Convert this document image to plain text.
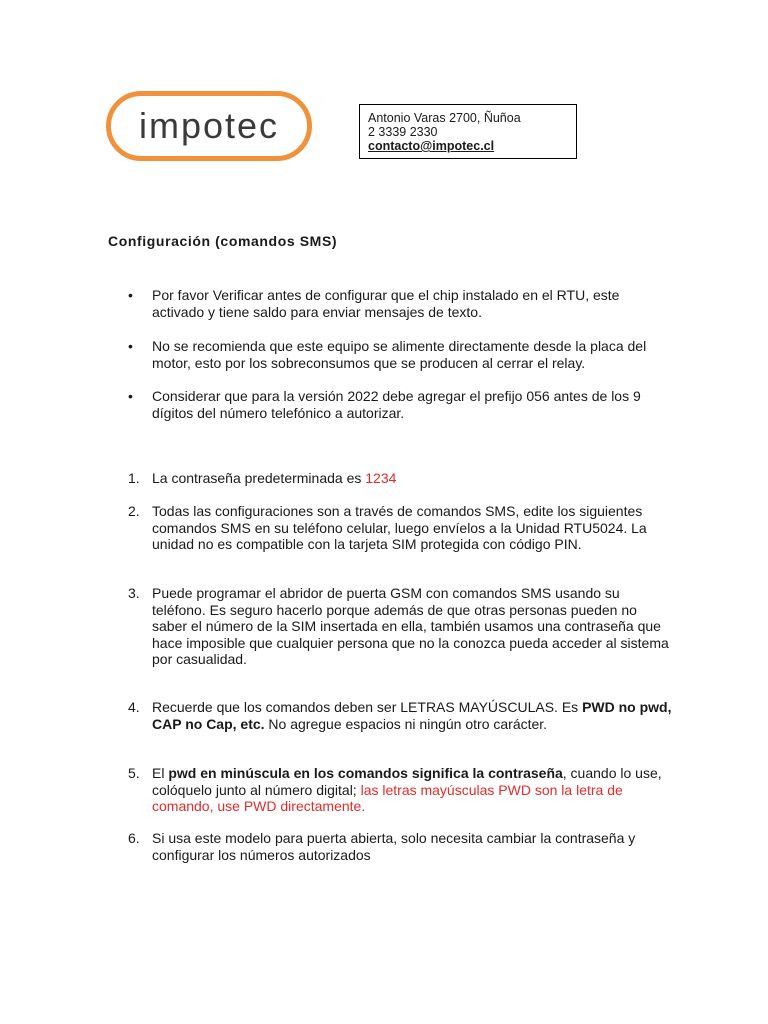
impotec	Antonio Varas 2700, Ñuñoa
2 3339 2330
contacto@impotec.cl
Configuración (comandos SMS)
• Por favor Verificar antes de configurar que el chip instalado en el RTU, este activado y tiene saldo para enviar mensajes de texto.
• No se recomienda que este equipo se alimente directamente desde la placa del motor, esto por los sobreconsumos que se producen al cerrar el relay.
• Considerar que para la versión 2022 debe agregar el prefijo 056 antes de los 9 dígitos del número telefónico a autorizar.
1. La contraseña predeterminada es 1234
2. Todas las configuraciones son a través de comandos SMS, edite los siguientes comandos SMS en su teléfono celular, luego envíelos a la Unidad RTU5024. La unidad no es compatible con la tarjeta SIM protegida con código PIN.
3. Puede programar el abridor de puerta GSM con comandos SMS usando su teléfono. Es seguro hacerlo porque además de que otras personas pueden no saber el número de la SIM insertada en ella, también usamos una contraseña que hace imposible que cualquier persona que no la conozca pueda acceder al sistema por casualidad.
4. Recuerde que los comandos deben ser LETRAS MAYÚSCULAS. Es PWD no pwd, CAP no Cap, etc. No agregue espacios ni ningún otro carácter.
5. El pwd en minúscula en los comandos significa la contraseña, cuando lo use, colóquelo junto al número digital; las letras mayúsculas PWD son la letra de comando, use PWD directamente.
6. Si usa este modelo para puerta abierta, solo necesita cambiar la contraseña y configurar los números autorizados
